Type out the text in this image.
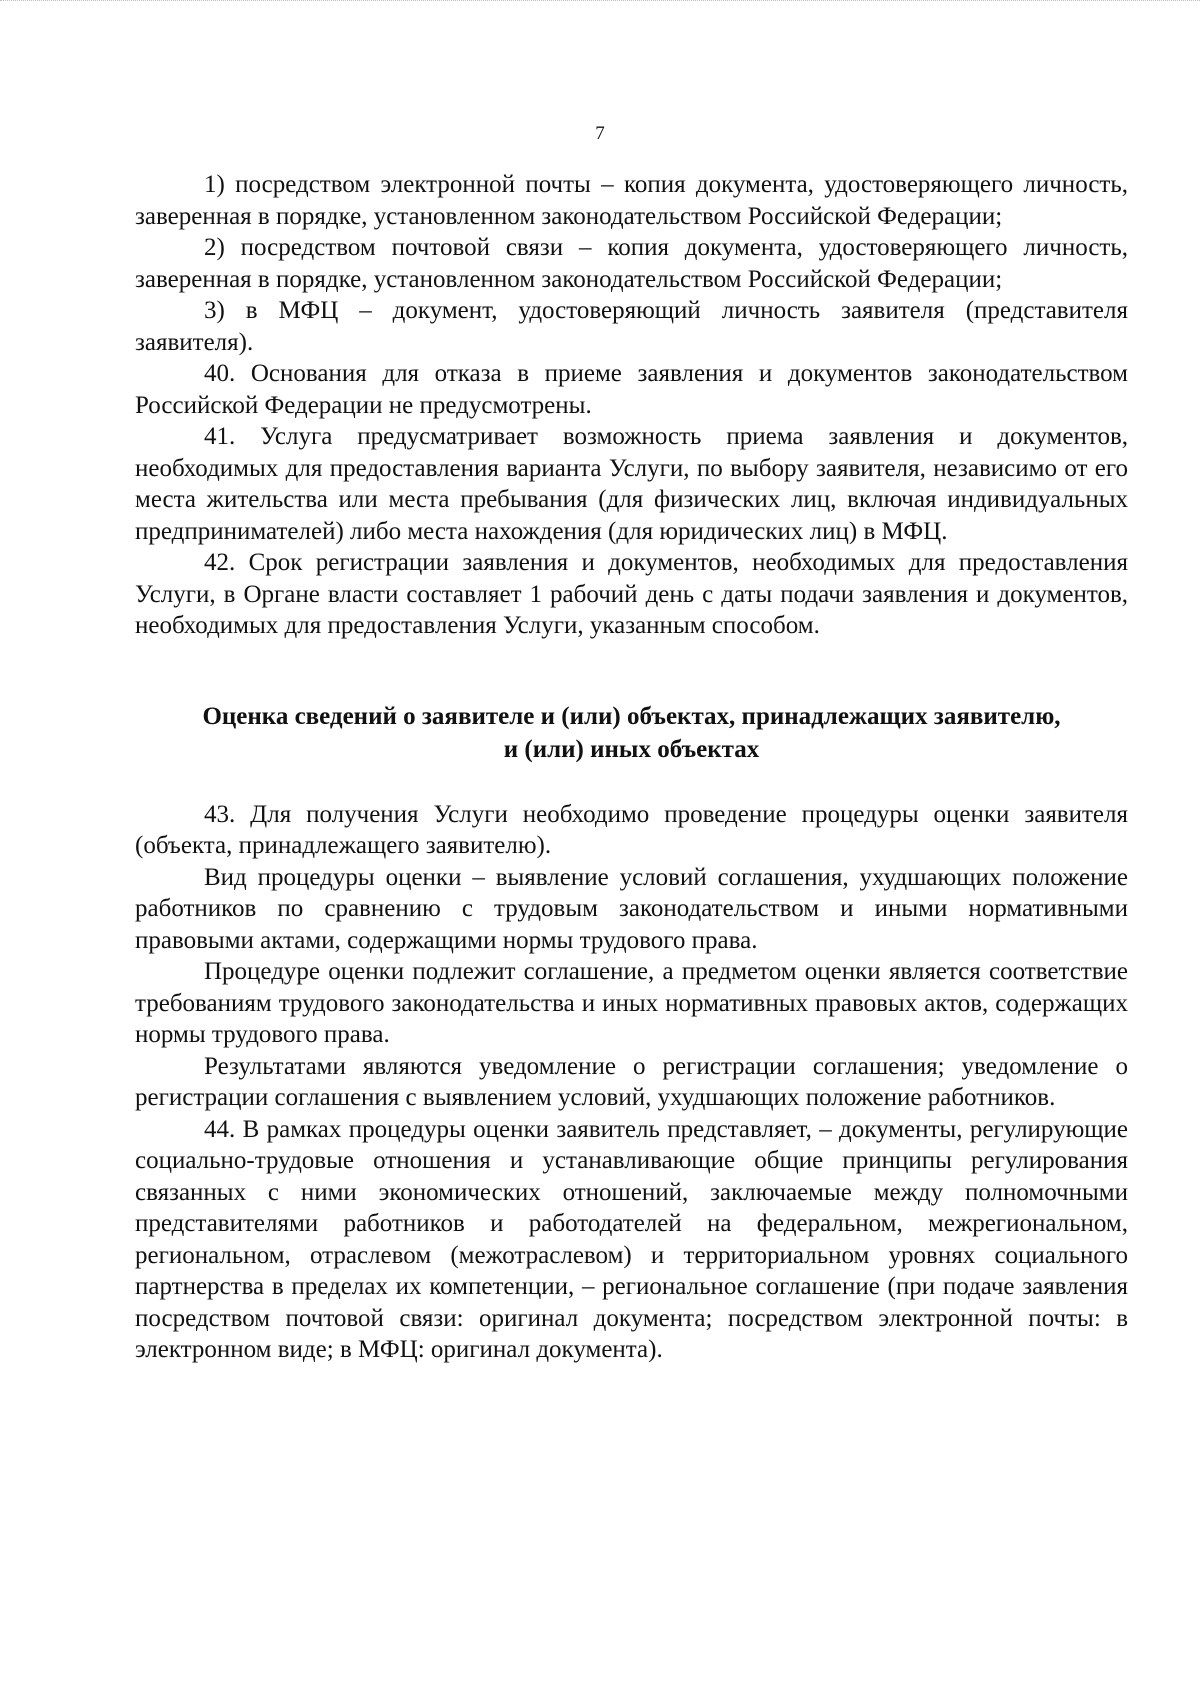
7

1) посредством электронной почты – копия документа, удостоверяющего личность, заверенная в порядке, установленном законодательством Российской Федерации;

2) посредством почтовой связи – копия документа, удостоверяющего личность, заверенная в порядке, установленном законодательством Российской Федерации;

3) в МФЦ – документ, удостоверяющий личность заявителя (представителя заявителя).

40. Основания для отказа в приеме заявления и документов законодательством Российской Федерации не предусмотрены.

41. Услуга предусматривает возможность приема заявления и документов, необходимых для предоставления варианта Услуги, по выбору заявителя, независимо от его места жительства или места пребывания (для физических лиц, включая индивидуальных предпринимателей) либо места нахождения (для юридических лиц) в МФЦ.

42. Срок регистрации заявления и документов, необходимых для предоставления Услуги, в Органе власти составляет 1 рабочий день с даты подачи заявления и документов, необходимых для предоставления Услуги, указанным способом.

Оценка сведений о заявителе и (или) объектах, принадлежащих заявителю,
и (или) иных объектах

43. Для получения Услуги необходимо проведение процедуры оценки заявителя (объекта, принадлежащего заявителю).

Вид процедуры оценки – выявление условий соглашения, ухудшающих положение работников по сравнению с трудовым законодательством и иными нормативными правовыми актами, содержащими нормы трудового права.

Процедуре оценки подлежит соглашение, а предметом оценки является соответствие требованиям трудового законодательства и иных нормативных правовых актов, содержащих нормы трудового права.

Результатами являются уведомление о регистрации соглашения; уведомление о регистрации соглашения с выявлением условий, ухудшающих положение работников.

44. В рамках процедуры оценки заявитель представляет, – документы, регулирующие социально-трудовые отношения и устанавливающие общие принципы регулирования связанных с ними экономических отношений, заключаемые между полномочными представителями работников и работодателей на федеральном, межрегиональном, региональном, отраслевом (межотраслевом) и территориальном уровнях социального партнерства в пределах их компетенции, – региональное соглашение (при подаче заявления посредством почтовой связи: оригинал документа; посредством электронной почты: в электронном виде; в МФЦ: оригинал документа).
